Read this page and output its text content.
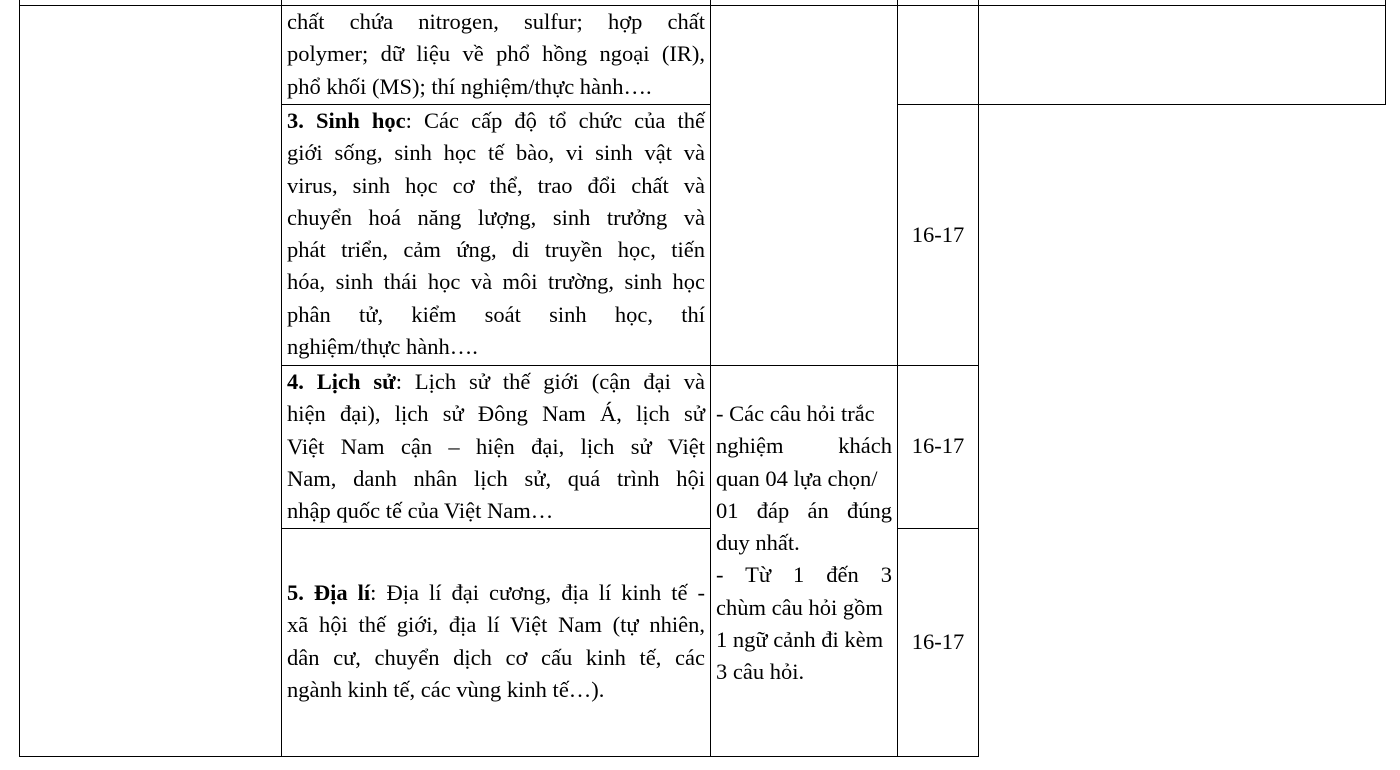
chất chứa nitrogen, sulfur; hợp chất
polymer; dữ liệu về phổ hồng ngoại (IR),
phổ khối (MS); thí nghiệm/thực hành….
3. Sinh học: Các cấp độ tổ chức của thế
giới sống, sinh học tế bào, vi sinh vật và
virus, sinh học cơ thể, trao đổi chất và
chuyển hoá năng lượng, sinh trưởng và
phát triển, cảm ứng, di truyền học, tiến
hóa, sinh thái học và môi trường, sinh học
phân tử, kiểm soát sinh học, thí
nghiệm/thực hành….
16-17
4. Lịch sử: Lịch sử thế giới (cận đại và
hiện đại), lịch sử Đông Nam Á, lịch sử
Việt Nam cận – hiện đại, lịch sử Việt
Nam, danh nhân lịch sử, quá trình hội
nhập quốc tế của Việt Nam…
16-17
5. Địa lí: Địa lí đại cương, địa lí kinh tế -
xã hội thế giới, địa lí Việt Nam (tự nhiên,
dân cư, chuyển dịch cơ cấu kinh tế, các
ngành kinh tế, các vùng kinh tế…).
16-17
- Các câu hỏi trắc
nghiệm khách
quan 04 lựa chọn/
01 đáp án đúng
duy nhất.
- Từ 1 đến 3
chùm câu hỏi gồm
1 ngữ cảnh đi kèm
3 câu hỏi.
